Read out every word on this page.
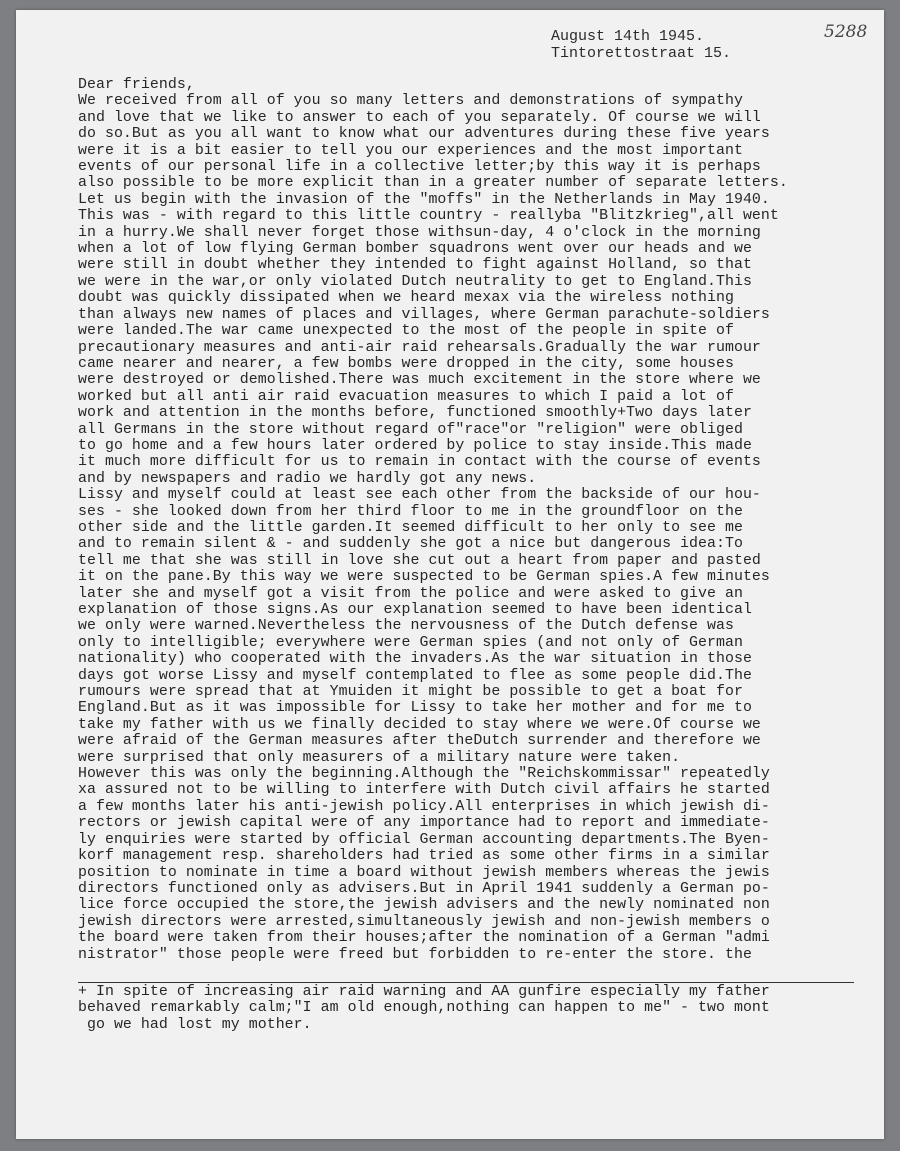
5288
August 14th 1945.
Tintorettostraat 15.
Dear friends,
We received from all of you so many letters and demonstrations of sympathy
and love that we like to answer to each of you separately. Of course we will
do so.But as you all want to know what our adventures during these five years
were it is a bit easier to tell you our experiences and the most important
events of our personal life in a collective letter;by this way it is perhaps
also possible to be more explicit than in a greater number of separate letters.
Let us begin with the invasion of the "moffs" in the Netherlands in May 1940.
This was - with regard to this little country - reallyba "Blitzkrieg",all went
in a hurry.We shall never forget those withsun-day, 4 o'clock in the morning
when a lot of low flying German bomber squadrons went over our heads and we
were still in doubt whether they intended to fight against Holland, so that
we were in the war,or only violated Dutch neutrality to get to England.This
doubt was quickly dissipated when we heard mexax via the wireless nothing
than always new names of places and villages, where German parachute-soldiers
were landed.The war came unexpected to the most of the people in spite of
precautionary measures and anti-air raid rehearsals.Gradually the war rumour
came nearer and nearer, a few bombs were dropped in the city, some houses
were destroyed or demolished.There was much excitement in the store where we
worked but all anti air raid evacuation measures to which I paid a lot of
work and attention in the months before, functioned smoothly+Two days later
all Germans in the store without regard of"race"or "religion" were obliged
to go home and a few hours later ordered by police to stay inside.This made
it much more difficult for us to remain in contact with the course of events
and by newspapers and radio we hardly got any news.
Lissy and myself could at least see each other from the backside of our hou-
ses - she looked down from her third floor to me in the groundfloor on the
other side and the little garden.It seemed difficult to her only to see me
and to remain silent & - and suddenly she got a nice but dangerous idea:To
tell me that she was still in love she cut out a heart from paper and pasted
it on the pane.By this way we were suspected to be German spies.A few minutes
later she and myself got a visit from the police and were asked to give an
explanation of those signs.As our explanation seemed to have been identical
we only were warned.Nevertheless the nervousness of the Dutch defense was
only to intelligible; everywhere were German spies (and not only of German
nationality) who cooperated with the invaders.As the war situation in those
days got worse Lissy and myself contemplated to flee as some people did.The
rumours were spread that at Ymuiden it might be possible to get a boat for
England.But as it was impossible for Lissy to take her mother and for me to
take my father with us we finally decided to stay where we were.Of course we
were afraid of the German measures after theDutch surrender and therefore we
were surprised that only measurers of a military nature were taken.
However this was only the beginning.Although the "Reichskommissar" repeatedly
xa assured not to be willing to interfere with Dutch civil affairs he started
a few months later his anti-jewish policy.All enterprises in which jewish di-
rectors or jewish capital were of any importance had to report and immediate-
ly enquiries were started by official German accounting departments.The Byen-
korf management resp. shareholders had tried as some other firms in a similar
position to nominate in time a board without jewish members whereas the jewis
directors functioned only as advisers.But in April 1941 suddenly a German po-
lice force occupied the store,the jewish advisers and the newly nominated non
jewish directors were arrested,simultaneously jewish and non-jewish members o
the board were taken from their houses;after the nomination of a German "admi
nistrator" those people were freed but forbidden to re-enter the store. the
+ In spite of increasing air raid warning and AA gunfire especially my father
behaved remarkably calm;"I am old enough,nothing can happen to me" - two mont
go we had lost my mother.
